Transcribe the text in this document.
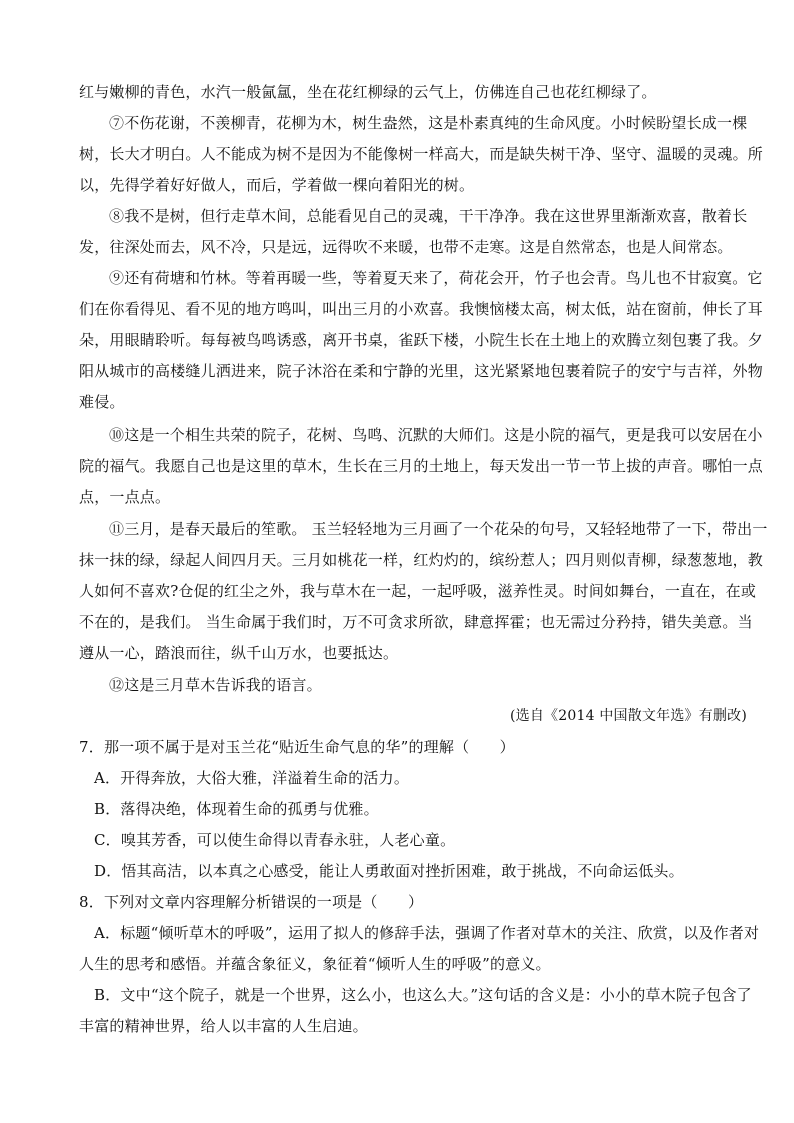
红与嫩柳的青色，水汽一般氤氲，坐在花红柳绿的云气上，仿佛连自己也花红柳绿了。
⑦不伤花谢，不羡柳青，花柳为木，树生盎然，这是朴素真纯的生命风度。小时候盼望长成一棵
树，长大才明白。人不能成为树不是因为不能像树一样高大，而是缺失树干净、坚守、温暖的灵魂。所
以，先得学着好好做人，而后，学着做一棵向着阳光的树。
⑧我不是树，但行走草木间，总能看见自己的灵魂，干干净净。我在这世界里渐渐欢喜，散着长
发，往深处而去，风不冷，只是远，远得吹不来暖，也带不走寒。这是自然常态，也是人间常态。
⑨还有荷塘和竹林。等着再暖一些，等着夏天来了，荷花会开，竹子也会青。鸟儿也不甘寂寞。它
们在你看得见、看不见的地方鸣叫，叫出三月的小欢喜。我懊恼楼太高，树太低，站在窗前，伸长了耳
朵，用眼睛聆听。每每被鸟鸣诱惑，离开书桌，雀跃下楼，小院生长在土地上的欢腾立刻包裹了我。夕
阳从城市的高楼缝儿洒进来，院子沐浴在柔和宁静的光里，这光紧紧地包裹着院子的安宁与吉祥，外物
难侵。
⑩这是一个相生共荣的院子，花树、鸟鸣、沉默的大师们。这是小院的福气，更是我可以安居在小
院的福气。我愿自己也是这里的草木，生长在三月的土地上，每天发出一节一节上拔的声音。哪怕一点
点，一点点。
⑪三月，是春天最后的笙歌。 玉兰轻轻地为三月画了一个花朵的句号，又轻轻地带了一下，带出一
抹一抹的绿，绿起人间四月天。三月如桃花一样，红灼灼的，缤纷惹人；四月则似青柳，绿葱葱地，教
人如何不喜欢?仓促的红尘之外，我与草木在一起，一起呼吸，滋养性灵。时间如舞台，一直在，在或
不在的，是我们。 当生命属于我们时，万不可贪求所欲，肆意挥霍；也无需过分矜持，错失美意。当
遵从一心，踏浪而往，纵千山万水，也要抵达。
⑫这是三月草木告诉我的语言。
(选自《2014 中国散文年选》有删改)
7．那一项不属于是对玉兰花“贴近生命气息的华”的理解（　　）
A．开得奔放，大俗大雅，洋溢着生命的活力。
B．落得决绝，体现着生命的孤勇与优雅。
C．嗅其芳香，可以使生命得以青春永驻，人老心童。
D．悟其高洁，以本真之心感受，能让人勇敢面对挫折困难，敢于挑战，不向命运低头。
8．下列对文章内容理解分析错误的一项是（　　）
A．标题“倾听草木的呼吸”，运用了拟人的修辞手法，强调了作者对草木的关注、欣赏，以及作者对
人生的思考和感悟。并蕴含象征义，象征着“倾听人生的呼吸”的意义。
B．文中“这个院子，就是一个世界，这么小，也这么大。”这句话的含义是：小小的草木院子包含了
丰富的精神世界，给人以丰富的人生启迪。
